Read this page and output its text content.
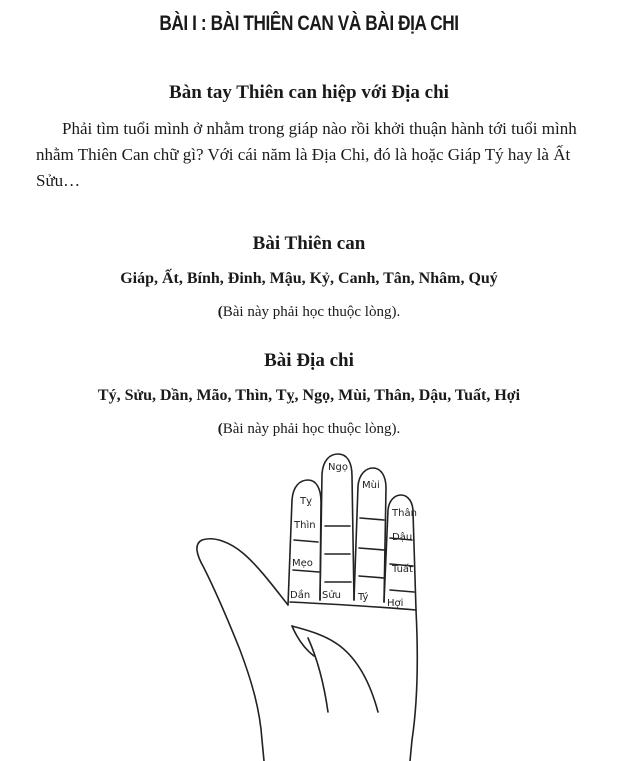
BÀI I : BÀI THIÊN CAN VÀ BÀI ĐỊA CHI
Bàn tay Thiên can hiệp với Địa chi

Phải tìm tuổi mình ở nhằm trong giáp nào rồi khởi thuận hành tới tuổi mình nhằm Thiên Can chữ gì? Với cái năm là Địa Chi, đó là hoặc Giáp Tý hay là Ất Sửu…

Bài Thiên can
Giáp, Ất, Bính, Đinh, Mậu, Kỷ, Canh, Tân, Nhâm, Quý
(Bài này phải học thuộc lòng).
Bài Địa chi
Tý, Sửu, Dần, Mão, Thìn, Tỵ, Ngọ, Mùi, Thân, Dậu, Tuất, Hợi
(Bài này phải học thuộc lòng).
Ngọ
Mùi
Tỵ
Thân
Thìn
Dậu
Mẹo
Tuất
Dần Sửu Tý
Hợi
